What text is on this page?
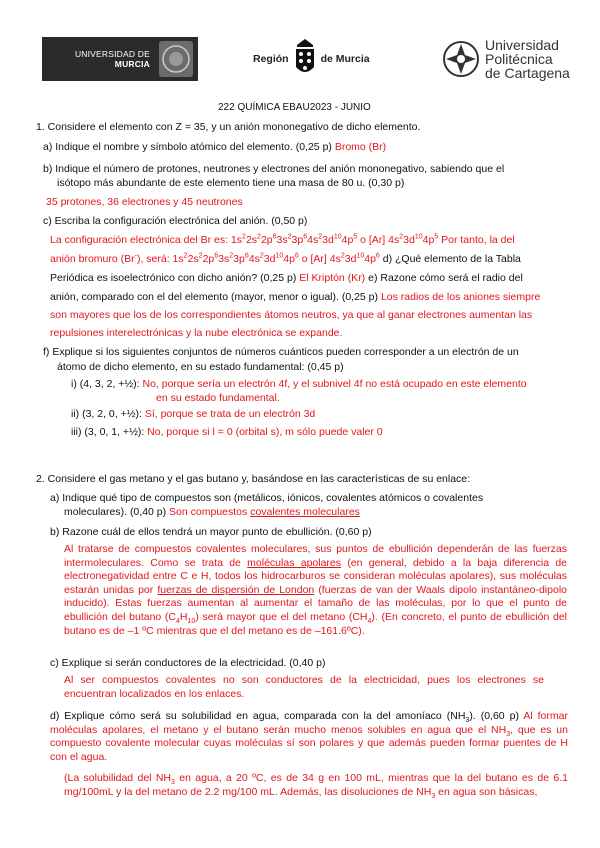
UNIVERSIDAD DE
MURCIA	Región	de Murcia
Universidad
Politécnica
de Cartagena
222 QUÍMICA EBAU2023 - JUNIO
1. Considere el elemento con Z = 35, y un anión mononegativo de dicho elemento.
a) Indique el nombre y símbolo atómico del elemento. (0,25 p) Bromo (Br)
b) Indique el número de protones, neutrones y electrones del anión mononegativo, sabiendo que el
isótopo más abundante de este elemento tiene una masa de 80 u. (0,30 p)
35 protones, 36 electrones y 45 neutrones
c) Escriba la configuración electrónica del anión. (0,50 p)
La configuración electrónica del Br es: $1s^22s^22p^63s^23p^64s^23d^{10}4p^5$ o [Ar] $4s^23d^{10}4p^5$ Por tanto, la del
anión bromuro (Br-), será: $1s^22s^22p^63s^23p^64s^23d^{10}4p^6$ o [Ar] $4s^23d^{10}4p^6$ d) ¿Qué elemento de la Tabla
Periódica es isoelectrónico con dicho anión? (0,25 p) El Kriptón (Kr) e) Razone cómo será el radio del
anión, comparado con el del elemento (mayor, menor o igual). (0,25 p) Los radios de los aniones siempre
son mayores que los de los correspondientes átomos neutros, ya que al ganar electrones aumentan las
repulsiones interelectrónicas y la nube electrónica se expande.
f) Explique si los siguientes conjuntos de números cuánticos pueden corresponder a un electrón de un
átomo de dicho elemento, en su estado fundamental: (0,45 p)
i) (4, 3, 2, +½): No, porque sería un electrón 4f, y el subnivel 4f no está ocupado en este elemento
en su estado fundamental.
ii) (3, 2, 0, +½): Sí, porque se trata de un electrón 3d
iii) (3, 0, 1, +½): No, porque si l = 0 (orbital s), m sólo puede valer 0
2. Considere el gas metano y el gas butano y, basándose en las características de su enlace:
a) Indique qué tipo de compuestos son (metálicos, iónicos, covalentes atómicos o covalentes
moleculares). (0,40 p) Son compuestos covalentes moleculares
b) Razone cuál de ellos tendrá un mayor punto de ebullición. (0,60 p)
Al tratarse de compuestos covalentes moleculares, sus puntos de ebullición dependerán de las fuerzas intermoleculares. Como se trata de moléculas apolares (en general, debido a la baja diferencia de electronegatividad entre C e H, todos los hidrocarburos se consideran moléculas apolares), sus moléculas estarán unidas por fuerzas de dispersión de London (fuerzas de van der Waals dipolo instantáneo-dipolo inducido). Estas fuerzas aumentan al aumentar el tamaño de las moléculas, por lo que el punto de ebullición del butano $(C_4H_{10})$ será mayor que el del metano $(CH_4)$. (En concreto, el punto de ebullición del butano es de –1 ºC mientras que el del metano es de –161.6ºC).
c) Explique si serán conductores de la electricidad. (0,40 p)
Al ser compuestos covalentes no son conductores de la electricidad, pues los electrones se encuentran localizados en los enlaces.
d) Explique cómo será su solubilidad en agua, comparada con la del amoníaco $(NH_3)$. (0,60 p) Al formar moléculas apolares, el metano y el butano serán mucho menos solubles en agua que el $NH_3$, que es un compuesto covalente molecular cuyas moléculas sí son polares y que además pueden formar puentes de H con el agua.
(La solubilidad del $NH_3$ en agua, a 20 ºC, es de 34 g en 100 mL, mientras que la del butano es de 6.1 mg/100mL y la del metano de 2.2 mg/100 mL. Además, las disoluciones de $NH_3$ en agua son básicas,
